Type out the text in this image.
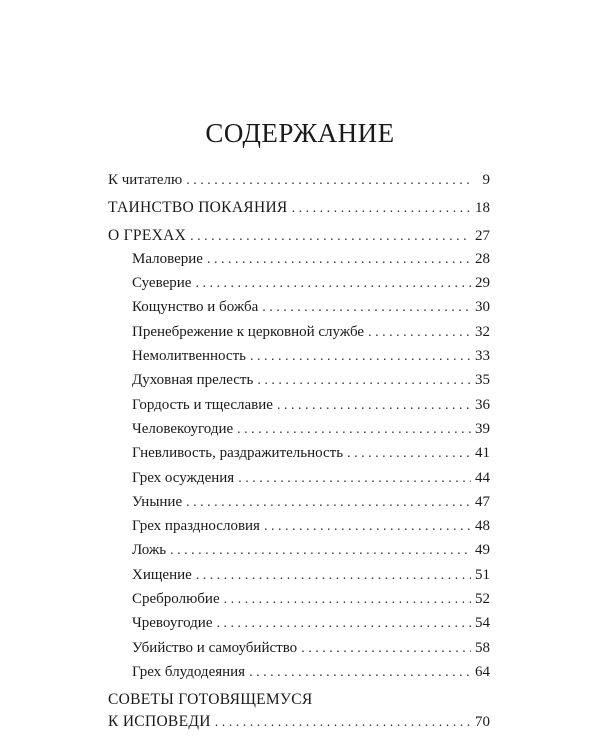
СОДЕРЖАНИЕ
К читателю . . .	9
ТАИНСТВО ПОКАЯНИЯ . . .	18
О ГРЕХАХ . . .	27
Маловерие . . .	28
Суеверие . . .	29
Кощунство и божба . . .	30
Пренебрежение к церковной службе . . .	32
Немолитвенность . . .	33
Духовная прелесть . . .	35
Гордость и тщеславие . . .	36
Человекоугодие . . .	39
Гневливость, раздражительность . . .	41
Грех осуждения . . .	44
Уныние . . .	47
Грех празднословия . . .	48
Ложь . . .	49
Хищение . . .	51
Сребролюбие . . .	52
Чревоугодие . . .	54
Убийство и самоубийство . . .	58
Грех блудодеяния . . .	64
СОВЕТЫ ГОТОВЯЩЕМУСЯ
К ИСПОВЕДИ . . .	70
